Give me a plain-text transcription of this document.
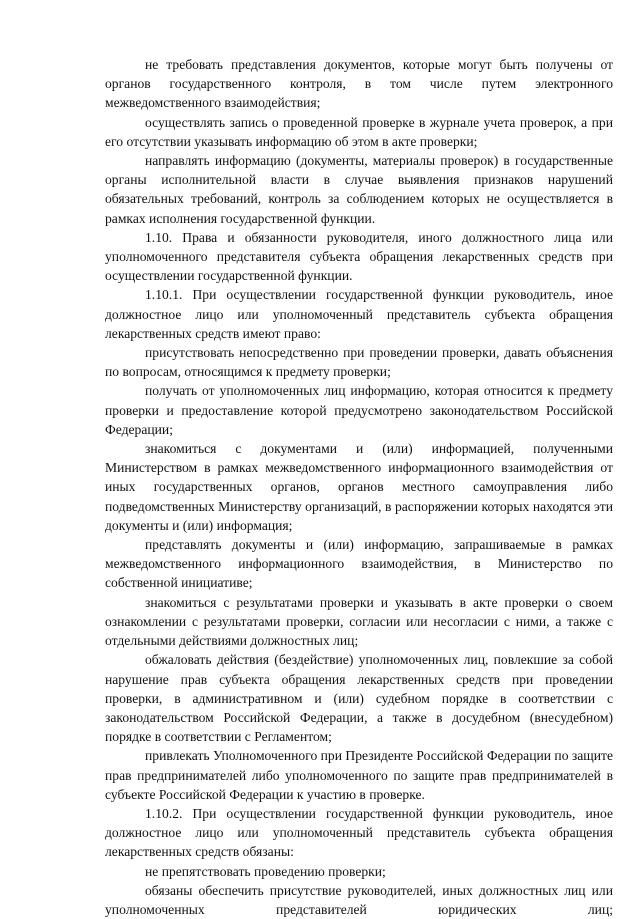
не требовать представления документов, которые могут быть получены от органов государственного контроля, в том числе путем электронного межведомственного взаимодействия;

осуществлять запись о проведенной проверке в журнале учета проверок, а при его отсутствии указывать информацию об этом в акте проверки;

направлять информацию (документы, материалы проверок) в государственные органы исполнительной власти в случае выявления признаков нарушений обязательных требований, контроль за соблюдением которых не осуществляется в рамках исполнения государственной функции.

1.10. Права и обязанности руководителя, иного должностного лица или уполномоченного представителя субъекта обращения лекарственных средств при осуществлении государственной функции.

1.10.1. При осуществлении государственной функции руководитель, иное должностное лицо или уполномоченный представитель субъекта обращения лекарственных средств имеют право:

присутствовать непосредственно при проведении проверки, давать объяснения по вопросам, относящимся к предмету проверки;

получать от уполномоченных лиц информацию, которая относится к предмету проверки и предоставление которой предусмотрено законодательством Российской Федерации;

знакомиться с документами и (или) информацией, полученными Министерством в рамках межведомственного информационного взаимодействия от иных государственных органов, органов местного самоуправления либо подведомственных Министерству организаций, в распоряжении которых находятся эти документы и (или) информация;

представлять документы и (или) информацию, запрашиваемые в рамках межведомственного информационного взаимодействия, в Министерство по собственной инициативе;

знакомиться с результатами проверки и указывать в акте проверки о своем ознакомлении с результатами проверки, согласии или несогласии с ними, а также с отдельными действиями должностных лиц;

обжаловать действия (бездействие) уполномоченных лиц, повлекшие за собой нарушение прав субъекта обращения лекарственных средств при проведении проверки, в административном и (или) судебном порядке в соответствии с законодательством Российской Федерации, а также в досудебном (внесудебном) порядке в соответствии с Регламентом;

привлекать Уполномоченного при Президенте Российской Федерации по защите прав предпринимателей либо уполномоченного по защите прав предпринимателей в субъекте Российской Федерации к участию в проверке.

1.10.2. При осуществлении государственной функции руководитель, иное должностное лицо или уполномоченный представитель субъекта обращения лекарственных средств обязаны:

не препятствовать проведению проверки;

обязаны обеспечить присутствие руководителей, иных должностных лиц или уполномоченных представителей юридических лиц;
